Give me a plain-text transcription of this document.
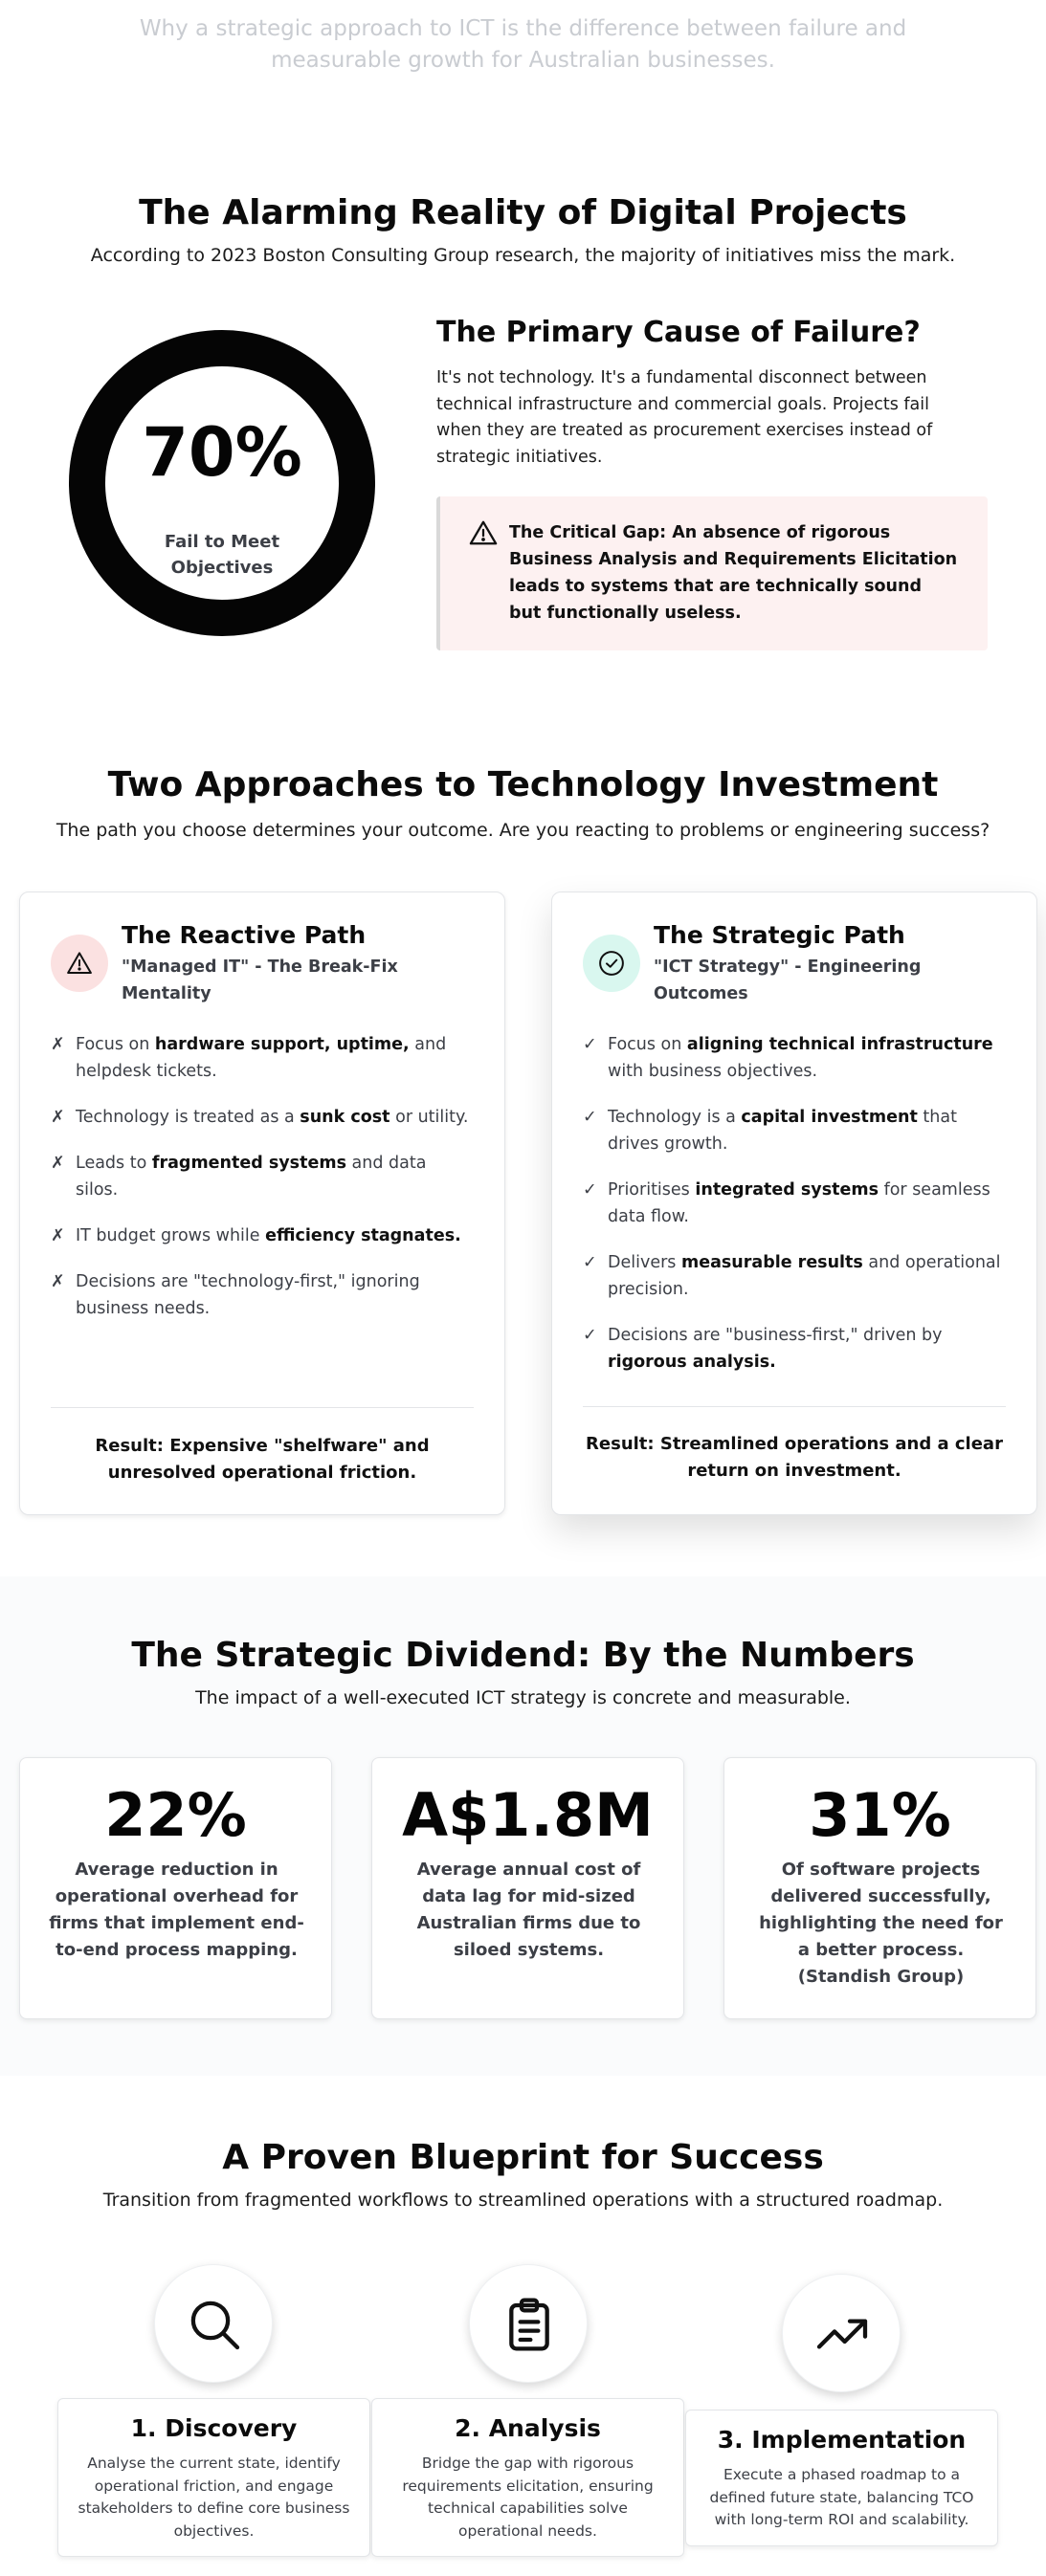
Why a strategic approach to ICT is the difference between failure and measurable growth for Australian businesses.

The Alarming Reality of Digital Projects

According to 2023 Boston Consulting Group research, the majority of initiatives miss the mark.

70%
Fail to Meet Objectives
The Primary Cause of Failure?

It's not technology. It's a fundamental disconnect between technical infrastructure and commercial goals. Projects fail when they are treated as procurement exercises instead of strategic initiatives.

The Critical Gap: An absence of rigorous Business Analysis and Requirements Elicitation leads to systems that are technically sound but functionally useless.

Two Approaches to Technology Investment

The path you choose determines your outcome. Are you reacting to problems or engineering success?

The Reactive Path

"Managed IT" - The Break-Fix Mentality

✗ Focus on hardware support, uptime, and helpdesk tickets.
✗ Technology is treated as a sunk cost or utility.
✗ Leads to fragmented systems and data silos.
✗ IT budget grows while efficiency stagnates.
✗ Decisions are "technology-first," ignoring business needs.

Result: Expensive "shelfware" and unresolved operational friction.

The Strategic Path

"ICT Strategy" - Engineering Outcomes

✓ Focus on aligning technical infrastructure with business objectives.
✓ Technology is a capital investment that drives growth.
✓ Prioritises integrated systems for seamless data flow.
✓ Delivers measurable results and operational precision.
✓ Decisions are "business-first," driven by rigorous analysis.

Result: Streamlined operations and a clear return on investment.

The Strategic Dividend: By the Numbers

The impact of a well-executed ICT strategy is concrete and measurable.

22%

Average reduction in operational overhead for firms that implement end-to-end process mapping.

A$1.8M

Average annual cost of data lag for mid-sized Australian firms due to siloed systems.

31%

Of software projects delivered successfully, highlighting the need for a better process. (Standish Group)

A Proven Blueprint for Success

Transition from fragmented workflows to streamlined operations with a structured roadmap.

1. Discovery

Analyse the current state, identify operational friction, and engage stakeholders to define core business objectives.

2. Analysis

Bridge the gap with rigorous requirements elicitation, ensuring technical capabilities solve operational needs.

3. Implementation

Execute a phased roadmap to a defined future state, balancing TCO with long-term ROI and scalability.
